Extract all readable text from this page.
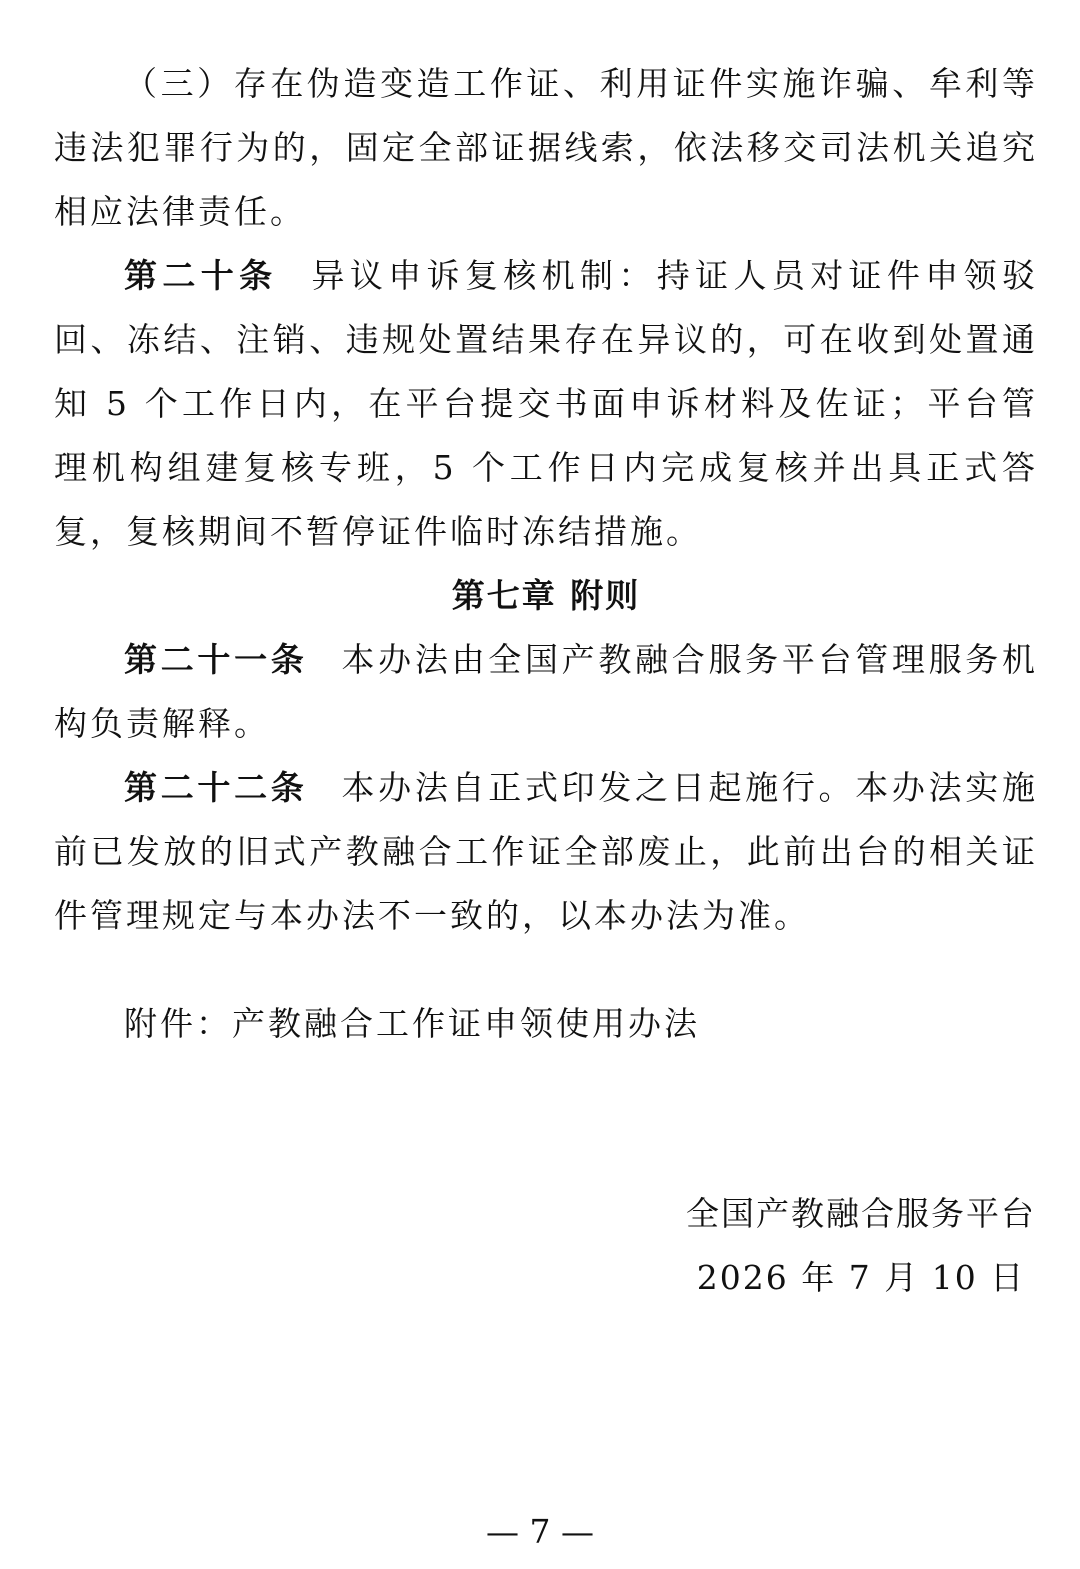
（三）存在伪造变造工作证、利用证件实施诈骗、牟利等违法犯罪行为的，固定全部证据线索，依法移交司法机关追究相应法律责任。

第二十条 异议申诉复核机制：持证人员对证件申领驳回、冻结、注销、违规处置结果存在异议的，可在收到处置通知 5 个工作日内，在平台提交书面申诉材料及佐证；平台管理机构组建复核专班，5 个工作日内完成复核并出具正式答复，复核期间不暂停证件临时冻结措施。

第七章 附则

第二十一条 本办法由全国产教融合服务平台管理服务机构负责解释。

第二十二条 本办法自正式印发之日起施行。本办法实施前已发放的旧式产教融合工作证全部废止，此前出台的相关证件管理规定与本办法不一致的，以本办法为准。

附件：产教融合工作证申领使用办法
全国产教融合服务平台
2026 年 7 月 10 日
— 7 —
